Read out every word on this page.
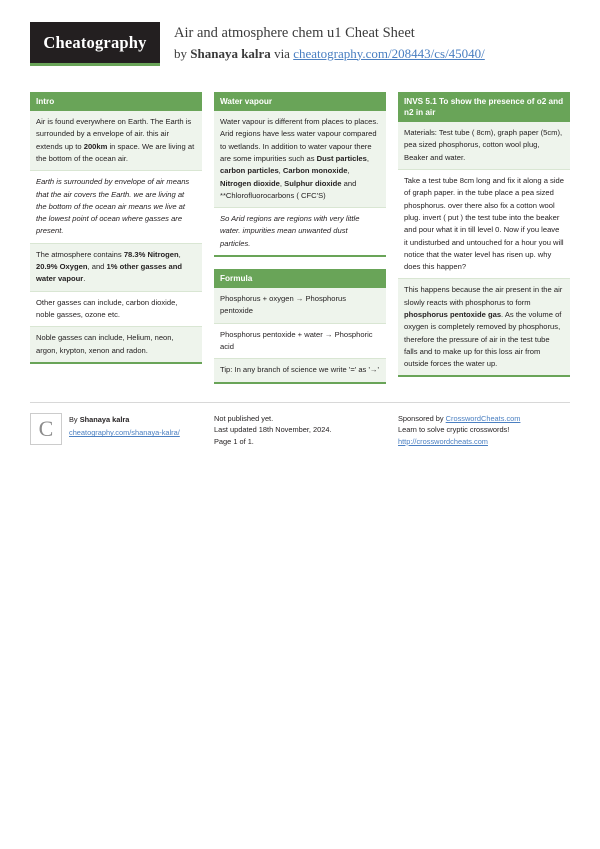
Cheatography Air and atmosphere chem u1 Cheat Sheet
by Shanaya kalra via cheatography.com/208443/cs/45040/
Intro
Air is found everywhere on Earth. The Earth is surrounded by a envelope of air. this air extends up to 200km in space. We are living at the bottom of the ocean air.
Earth is surrounded by envelope of air means that the air covers the Earth. we are living at the bottom of the ocean air means we live at the lowest point of ocean where gasses are present.
The atmosphere contains 78.3% Nitrogen, 20.9% Oxygen, and 1% other gasses and water vapour.
Other gasses can include, carbon dioxide, noble gasses, ozone etc.
Noble gasses can include, Helium, neon, argon, krypton, xenon and radon.
Water vapour
Water vapour is different from places to places. Arid regions have less water vapour compared to wetlands. In addition to water vapour there are some impurities such as Dust particles, carbon particles, Carbon monoxide, Nitrogen dioxide, Sulphur dioxide and **Chlorofluorocarbons ( CFC'S)
So Arid regions are regions with very little water. impurities mean unwanted dust particles.
Formula
Phosphorus + oxygen → Phosphorus pentoxide
Phosphorus pentoxide + water → Phosphoric acid
Tip: In any branch of science we write '=' as '→'
INVS 5.1 To show the presence of o2 and n2 in air
Materials: Test tube ( 8cm), graph paper (5cm), pea sized phosphorus, cotton wool plug, Beaker and water.
Take a test tube 8cm long and fix it along a side of graph paper. in the tube place a pea sized phosphorus. over there also fix a cotton wool plug. invert ( put ) the test tube into the beaker and pour what it in till level 0. Now if you leave it undisturbed and untouched for a hour you will notice that the water level has risen up. why does this happen?
This happens because the air present in the air slowly reacts with phosphorus to form phosphorus pentoxide gas. As the volume of oxygen is completely removed by phosphorus, therefore the pressure of air in the test tube falls and to make up for this loss air from outside forces the water up.
C	By Shanaya kalra
cheatography.com/shanaya-kalra/
Not published yet.
Last updated 18th November, 2024.
Page 1 of 1.
Sponsored by CrosswordCheats.com
Learn to solve cryptic crosswords!
http://crosswordcheats.com
